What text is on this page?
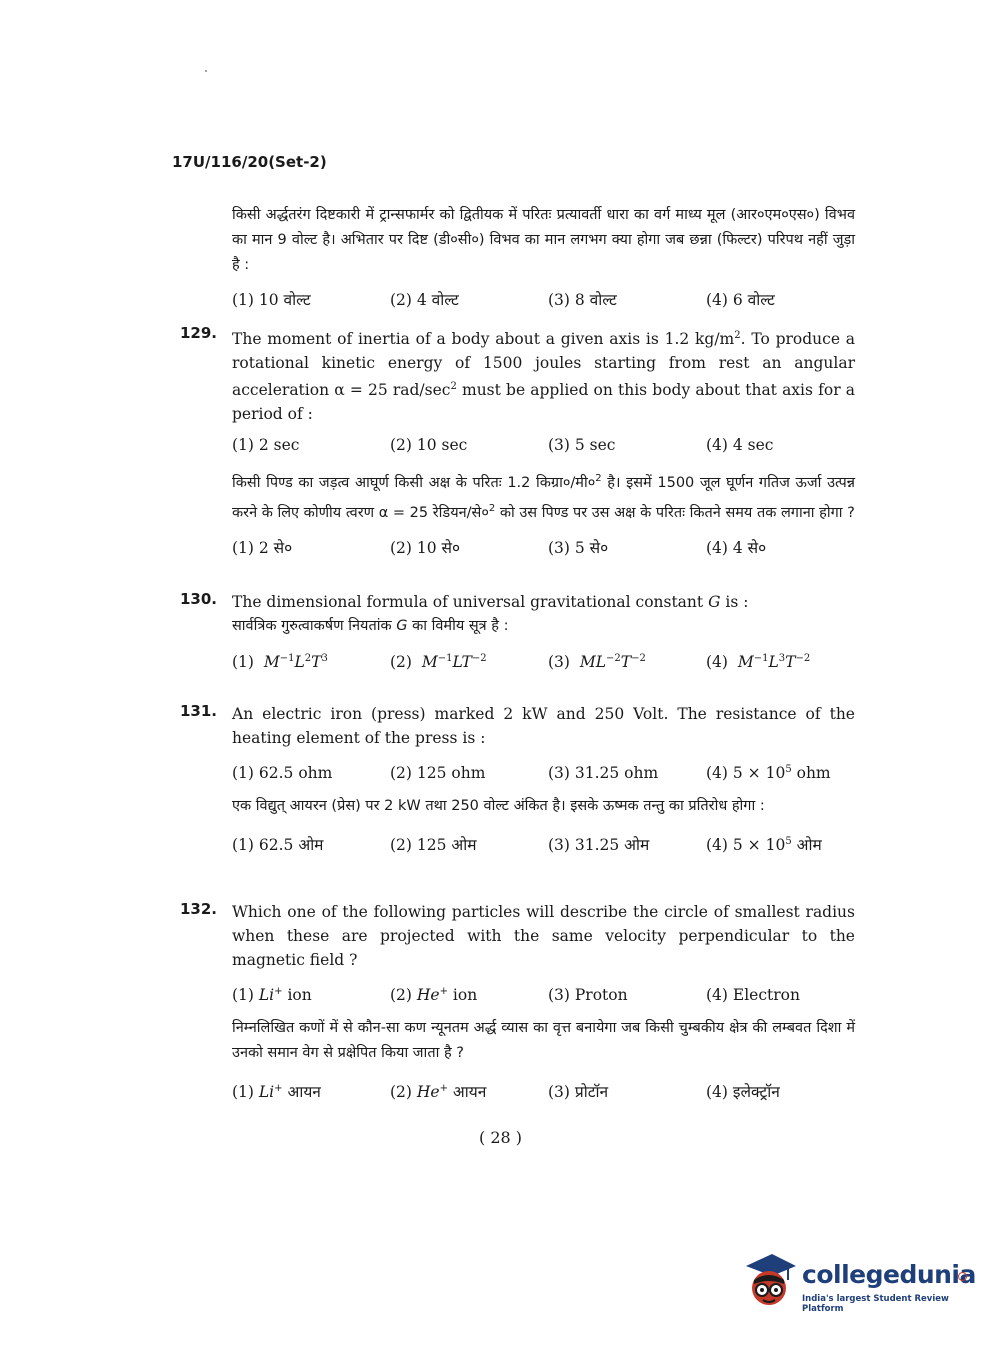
17U/116/20(Set-2)
किसी अर्द्धतरंग दिष्टकारी में ट्रान्सफार्मर को द्वितीयक में परितः प्रत्यावर्ती धारा का वर्ग माध्य मूल (आर०एम०एस०) विभव का मान 9 वोल्ट है। अभितार पर दिष्ट (डी०सी०) विभव का मान लगभग क्या होगा जब छन्ना (फिल्टर) परिपथ नहीं जुड़ा है :
(1) 10 वोल्ट	(2) 4 वोल्ट	(3) 8 वोल्ट	(4) 6 वोल्ट
129. The moment of inertia of a body about a given axis is 1.2 $kg/m^2$. To produce a rotational kinetic energy of 1500 joules starting from rest an angular acceleration α = 25 rad/$\sec^2$ must be applied on this body about that axis for a period of :
(1) 2 sec	(2) 10 sec	(3) 5 sec	(4) 4 sec
किसी पिण्ड का जड़त्व आघूर्ण किसी अक्ष के परितः 1.2 $किग्रा०/मी०^2$ है। इसमें 1500 जूल घूर्णन गतिज ऊर्जा उत्पन्न करने के लिए कोणीय त्वरण α = 25 $रेडियन/से०^2$ को उस पिण्ड पर उस अक्ष के परितः कितने समय तक लगाना होगा ?
(1) 2 से०	(2) 10 से०	(3) 5 से०	(4) 4 से०
130. The dimensional formula of universal gravitational constant G is :
सार्वत्रिक गुरुत्वाकर्षण नियतांक G का विमीय सूत्र है :
(1) $M^{-1}L^2T^3$	(2) $M^{-1}LT^{-2}$	(3) $ML^{-2}T^{-2}$	(4) $M^{-1}L^3T^{-2}$
131. An electric iron (press) marked 2 kW and 250 Volt. The resistance of the heating element of the press is :
(1) 62.5 ohm	(2) 125 ohm	(3) 31.25 ohm	(4) $5 \times 10^5$ ohm
एक विद्युत् आयरन (प्रेस) पर 2 kW तथा 250 वोल्ट अंकित है। इसके ऊष्मक तन्तु का प्रतिरोध होगा :
(1) 62.5 ओम	(2) 125 ओम	(3) 31.25 ओम	(4) $5 \times 10^5$ ओम
132. Which one of the following particles will describe the circle of smallest radius when these are projected with the same velocity perpendicular to the magnetic field ?
(1) Li+ ion	(2) He+ ion	(3) Proton	(4) Electron
निम्नलिखित कणों में से कौन-सा कण न्यूनतम अर्द्ध व्यास का वृत्त बनायेगा जब किसी चुम्बकीय क्षेत्र की लम्बवत दिशा में उनको समान वेग से प्रक्षेपित किया जाता है ?
(1) Li+ आयन	(2) He+ आयन	(3) प्रोटॉन	(4) इलेक्ट्रॉन
( 28 )
collegedunia
India's largest Student Review Platform
